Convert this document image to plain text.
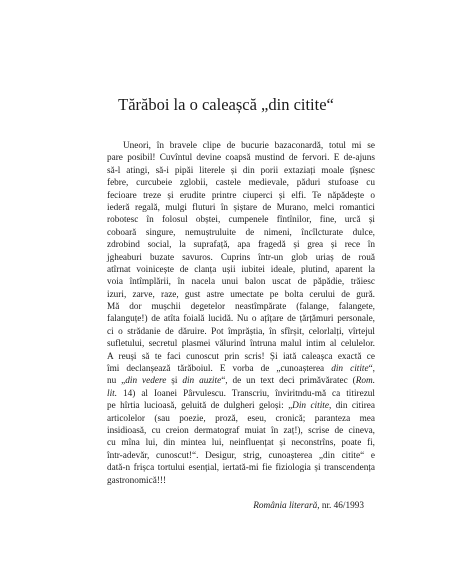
Tărăboi la o caleașcă „din citite“
Uneori, în bravele clipe de bucurie bazaconardă, totul mi se
pare posibil! Cuvîntul devine coapsă mustind de fervori. E de-ajuns
să-l atingi, să-i pipăi literele și din porii extaziați moale țîșnesc
febre, curcubeie zglobii, castele medievale, păduri stufoase cu
fecioare treze și erudite printre ciuperci și elfi. Te năpădește o
iederă regală, mulgi fluturi în șiștare de Murano, melci romantici
robotesc în folosul obștei, cumpenele fîntînilor, fine, urcă și
coboară singure, nemuștruluite de nimeni, încîlcturate dulce,
zdrobind social, la suprafață, apa fragedă și grea și rece în
jgheaburi buzate savuros. Cuprins într-un glob uriaș de rouă
atîrnat voinicește de clanța ușii iubitei ideale, plutind, aparent la
voia întîmplării, în nacela unui balon uscat de păpădie, trăiesc
izuri, zarve, raze, gust astre umectate pe bolta cerului de gură.
Mă dor mușchii degetelor neastîmpărate (falange, falangete,
falanguțe!) de atîta foială lucidă. Nu o ațîțare de țărțămuri personale,
ci o strădanie de dăruire. Pot împrăștia, în sfîrșit, celorlalți, vîrtejul
sufletului, secretul plasmei vălurind întruna malul intim al celulelor.
A reuși să te faci cunoscut prin scris! Și iată caleașca exactă ce
îmi declanșează tărăboiul. E vorba de „cunoașterea din citite“,
nu „din vedere și din auzite“, de un text deci primăvăratec (Rom.
lit. 14) al Ioanei Pârvulescu. Transcriu, înviritndu-mă ca titirezul
pe hîrtia lucioasă, geluită de dulgheri geloși: „Din citite, din citirea
articolelor (sau poezie, proză, eseu, cronică; paranteza mea
insidioasă, cu creion dermatograf muiat în zaț!), scrise de cineva,
cu mîna lui, din mintea lui, neinfluențat și neconstrîns, poate fi,
într-adevăr, cunoscut!“. Desigur, strig, cunoașterea „din citite“ e
dată-n frișca tortului esențial, iertată-mi fie fiziologia și transcendența
gastronomică!!!
România literară, nr. 46/1993
